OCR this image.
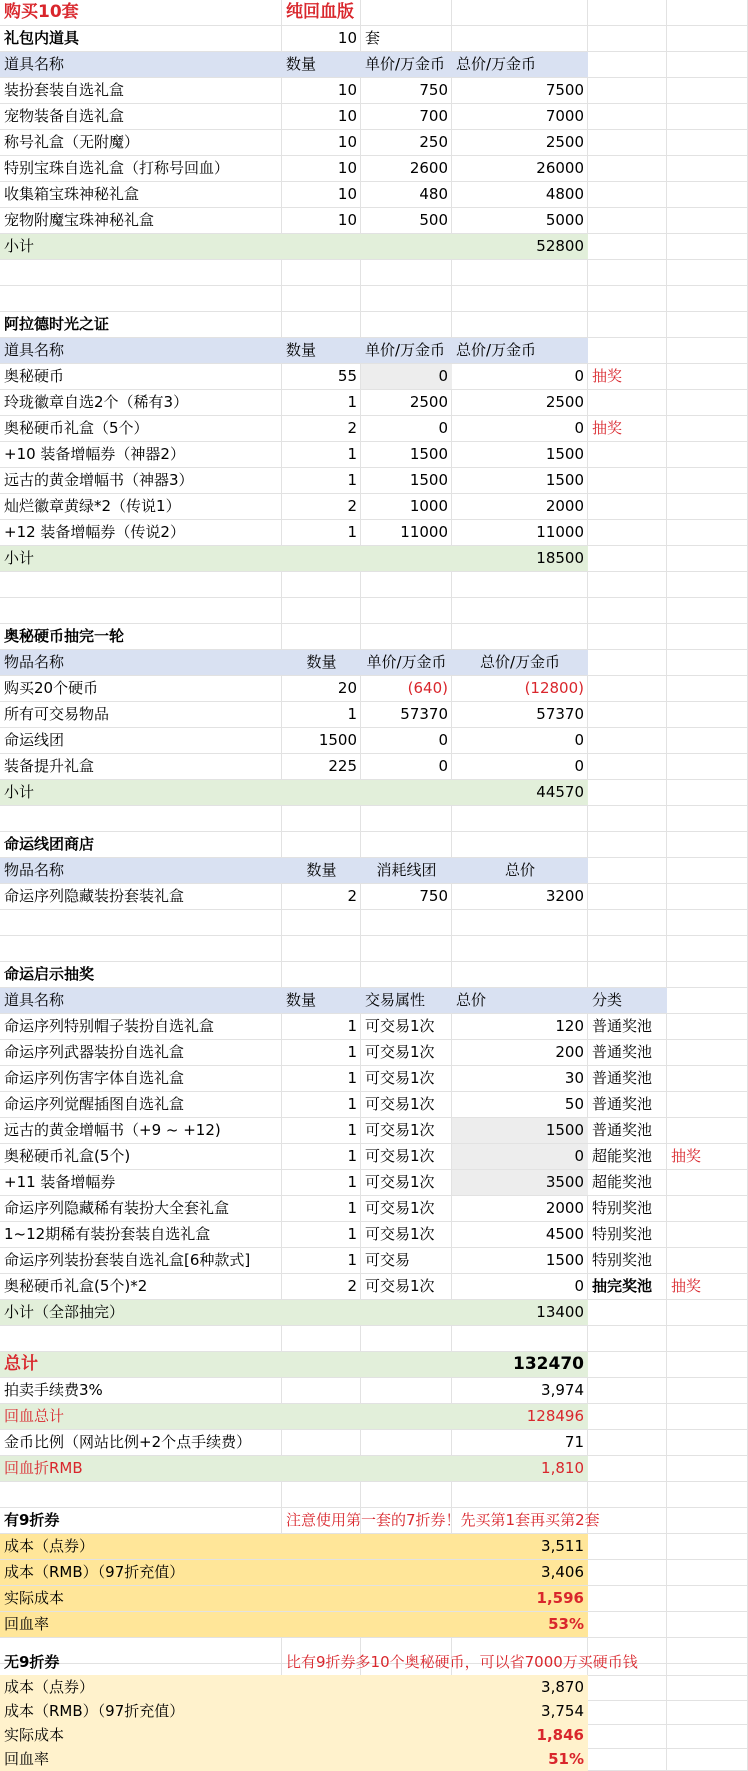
购买10套	纯回血版
礼包内道具	10 套
道具名称	数量	单价/万金币 总价/万金币
装扮套装自选礼盒	10	750	7500
宠物装备自选礼盒	10	700	7000
称号礼盒（无附魔）	10	250	2500
特别宝珠自选礼盒（打称号回血）	10	2600	26000
收集箱宝珠神秘礼盒	10	480	4800
宠物附魔宝珠神秘礼盒	10	500	5000
小计	52800
阿拉德时光之证
道具名称	数量	单价/万金币 总价/万金币
奥秘硬币	55	0	0 抽奖
玲珑徽章自选2个（稀有3）	1	2500	2500
奥秘硬币礼盒（5个）	2	0	0 抽奖
+10 装备增幅券（神器2）	1	1500	1500
远古的黄金增幅书（神器3）	1	1500	1500
灿烂徽章黄绿*2（传说1）	2	1000	2000
+12 装备增幅券（传说2）	1	11000	11000
小计	18500
奥秘硬币抽完一轮
物品名称	数量	单价/万金币	总价/万金币
购买20个硬币	20	(640)	(12800)
所有可交易物品	1	57370	57370
命运线团	1500	0	0
装备提升礼盒	225	0	0
小计	44570
命运线团商店
物品名称	数量	消耗线团	总价
命运序列隐藏装扮套装礼盒	2	750	3200
命运启示抽奖
道具名称	数量	交易属性	总价	分类
命运序列特别帽子装扮自选礼盒	1 可交易1次	120 普通奖池
命运序列武器装扮自选礼盒	1 可交易1次	200 普通奖池
命运序列伤害字体自选礼盒	1 可交易1次	30 普通奖池
命运序列觉醒插图自选礼盒	1 可交易1次	50 普通奖池
远古的黄金增幅书（+9 ~ +12)	1 可交易1次	1500 普通奖池
奥秘硬币礼盒(5个)	1 可交易1次	0 超能奖池	抽奖
+11 装备增幅券	1 可交易1次	3500 超能奖池
命运序列隐藏稀有装扮大全套礼盒	1 可交易1次	2000 特别奖池
1~12期稀有装扮套装自选礼盒	1 可交易1次	4500 特别奖池
命运序列装扮套装自选礼盒[6种款式]	1 可交易	1500 特别奖池
奥秘硬币礼盒(5个)*2	2 可交易1次	0 抽完奖池	抽奖
小计（全部抽完）	13400
总计	132470
拍卖手续费3%	3,974
回血总计	128496
金币比例（网站比例+2个点手续费）	71
回血折RMB	1,810
有9折券	注意使用第一套的7折券！先买第1套再买第2套
成本（点券）	3,511
成本（RMB）（97折充值）	3,406
实际成本	1,596
回血率	53%
无9折券	比有9折券多10个奥秘硬币，可以省7000万买硬币钱
成本（点券）	3,870
成本（RMB）（97折充值）	3,754
实际成本	1,846
回血率	51%
